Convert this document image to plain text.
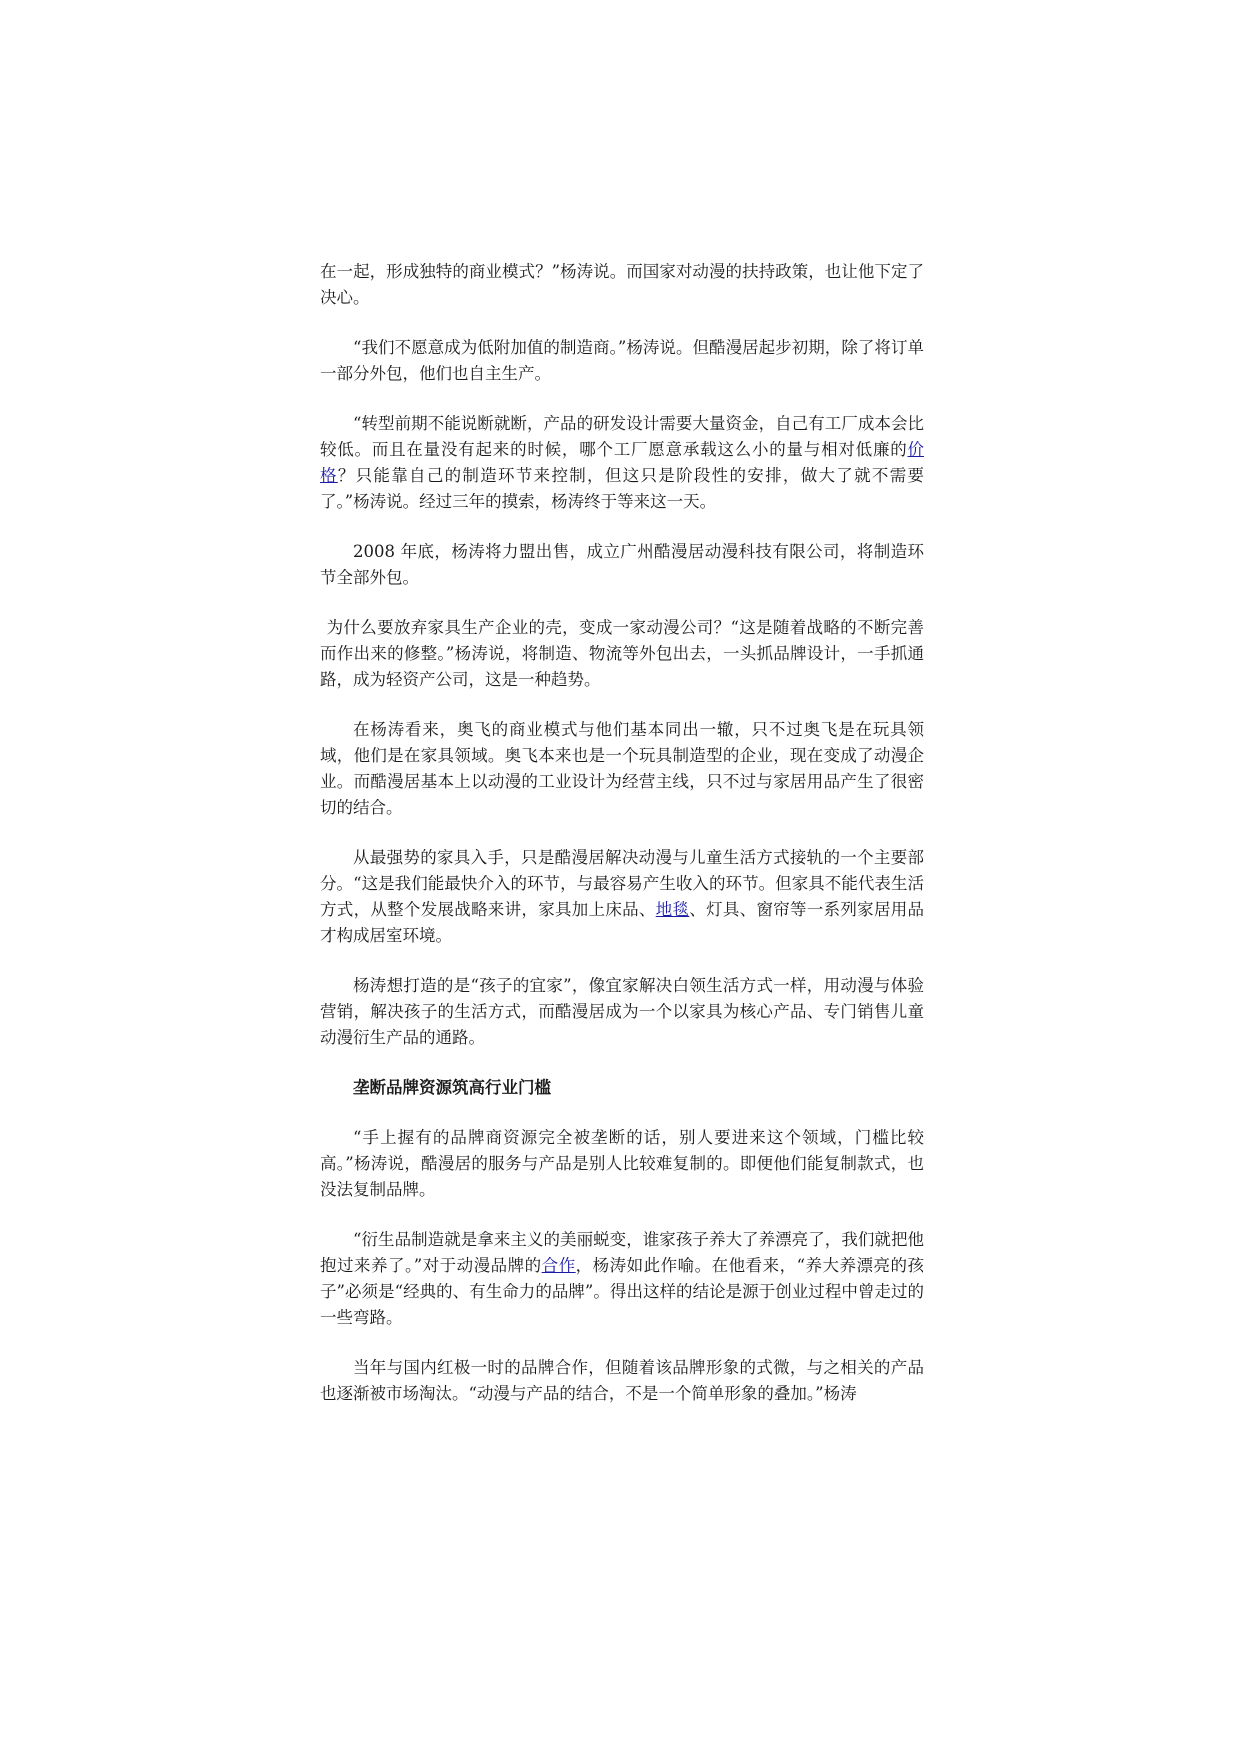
在一起，形成独特的商业模式？”杨涛说。而国家对动漫的扶持政策，也让他下定了决心。

“我们不愿意成为低附加值的制造商。”杨涛说。但酷漫居起步初期，除了将订单一部分外包，他们也自主生产。

“转型前期不能说断就断，产品的研发设计需要大量资金，自己有工厂成本会比较低。而且在量没有起来的时候，哪个工厂愿意承载这么小的量与相对低廉的价格？只能靠自己的制造环节来控制，但这只是阶段性的安排，做大了就不需要了。”杨涛说。经过三年的摸索，杨涛终于等来这一天。

2008 年底，杨涛将力盟出售，成立广州酷漫居动漫科技有限公司，将制造环节全部外包。

为什么要放弃家具生产企业的壳，变成一家动漫公司？“这是随着战略的不断完善而作出来的修整。”杨涛说，将制造、物流等外包出去，一头抓品牌设计，一手抓通路，成为轻资产公司，这是一种趋势。

在杨涛看来，奥飞的商业模式与他们基本同出一辙，只不过奥飞是在玩具领域，他们是在家具领域。奥飞本来也是一个玩具制造型的企业，现在变成了动漫企业。而酷漫居基本上以动漫的工业设计为经营主线，只不过与家居用品产生了很密切的结合。

从最强势的家具入手，只是酷漫居解决动漫与儿童生活方式接轨的一个主要部分。“这是我们能最快介入的环节，与最容易产生收入的环节。但家具不能代表生活方式，从整个发展战略来讲，家具加上床品、地毯、灯具、窗帘等一系列家居用品才构成居室环境。

杨涛想打造的是“孩子的宜家”，像宜家解决白领生活方式一样，用动漫与体验营销，解决孩子的生活方式，而酷漫居成为一个以家具为核心产品、专门销售儿童动漫衍生产品的通路。

垄断品牌资源筑高行业门槛

“手上握有的品牌商资源完全被垄断的话，别人要进来这个领域，门槛比较高。”杨涛说，酷漫居的服务与产品是别人比较难复制的。即便他们能复制款式，也没法复制品牌。

“衍生品制造就是拿来主义的美丽蜕变，谁家孩子养大了养漂亮了，我们就把他抱过来养了。”对于动漫品牌的合作，杨涛如此作喻。在他看来，“养大养漂亮的孩子”必须是“经典的、有生命力的品牌”。得出这样的结论是源于创业过程中曾走过的一些弯路。

当年与国内红极一时的品牌合作，但随着该品牌形象的式微，与之相关的产品也逐渐被市场淘汰。“动漫与产品的结合，不是一个简单形象的叠加。”杨涛
